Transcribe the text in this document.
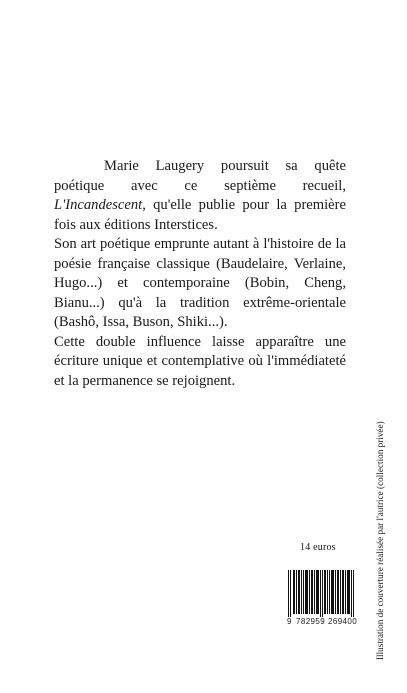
Marie Laugery poursuit sa quête poétique avec ce septième recueil, L'Incandescent, qu'elle publie pour la première fois aux éditions Interstices.

Son art poétique emprunte autant à l'histoire de la poésie française classique (Baudelaire, Verlaine, Hugo...) et contemporaine (Bobin, Cheng, Bianu...) qu'à la tradition extrême-orientale (Bashô, Issa, Buson, Shiki...).

Cette double influence laisse apparaître une écriture unique et contemplative où l'immédiateté et la permanence se rejoignent.

14 euros
9 782959 269400	Illustration de couverture réalisée par l'autrice (collection privée)
